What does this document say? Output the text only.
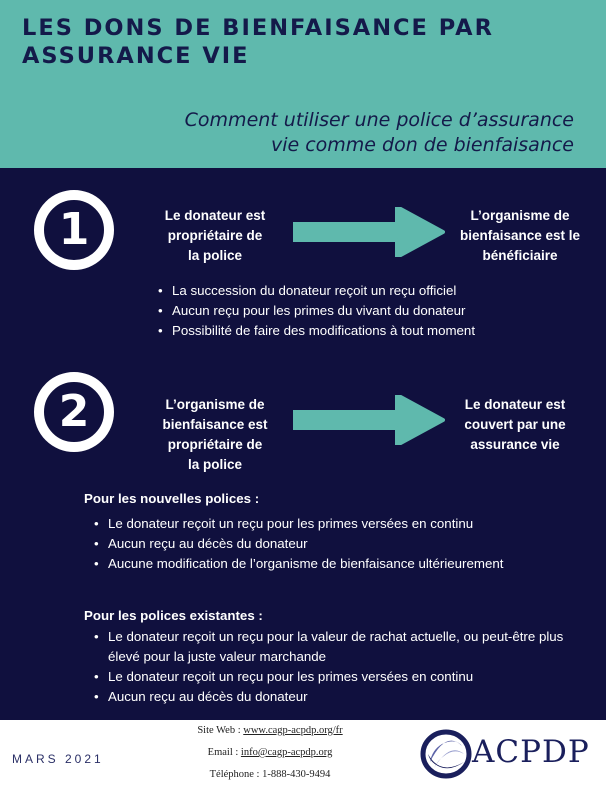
LES DONS DE BIENFAISANCE PAR
ASSURANCE VIE

Comment utiliser une police d’assurance
vie comme don de bienfaisance

1	Le donateur est
propriétaire de
la police
L’organisme de
bienfaisance est le
bénéficiaire
• La succession du donateur reçoit un reçu officiel
• Aucun reçu pour les primes du vivant du donateur
• Possibilité de faire des modifications à tout moment
2	L’organisme de
bienfaisance est
propriétaire de
la police
Le donateur est
couvert par une
assurance vie

Pour les nouvelles polices :

• Le donateur reçoit un reçu pour les primes versées en continu
• Aucun reçu au décès du donateur
• Aucune modification de l’organisme de bienfaisance ultérieurement

Pour les polices existantes :

• Le donateur reçoit un reçu pour la valeur de rachat actuelle, ou peut-être plus élevé pour la juste valeur marchande
• Le donateur reçoit un reçu pour les primes versées en continu
• Aucun reçu au décès du donateur
MARS 2021
Site Web : www.cagp-acpdp.org/fr
Email : info@cagp-acpdp.org
Téléphone : 1-888-430-9494
ACPDP
